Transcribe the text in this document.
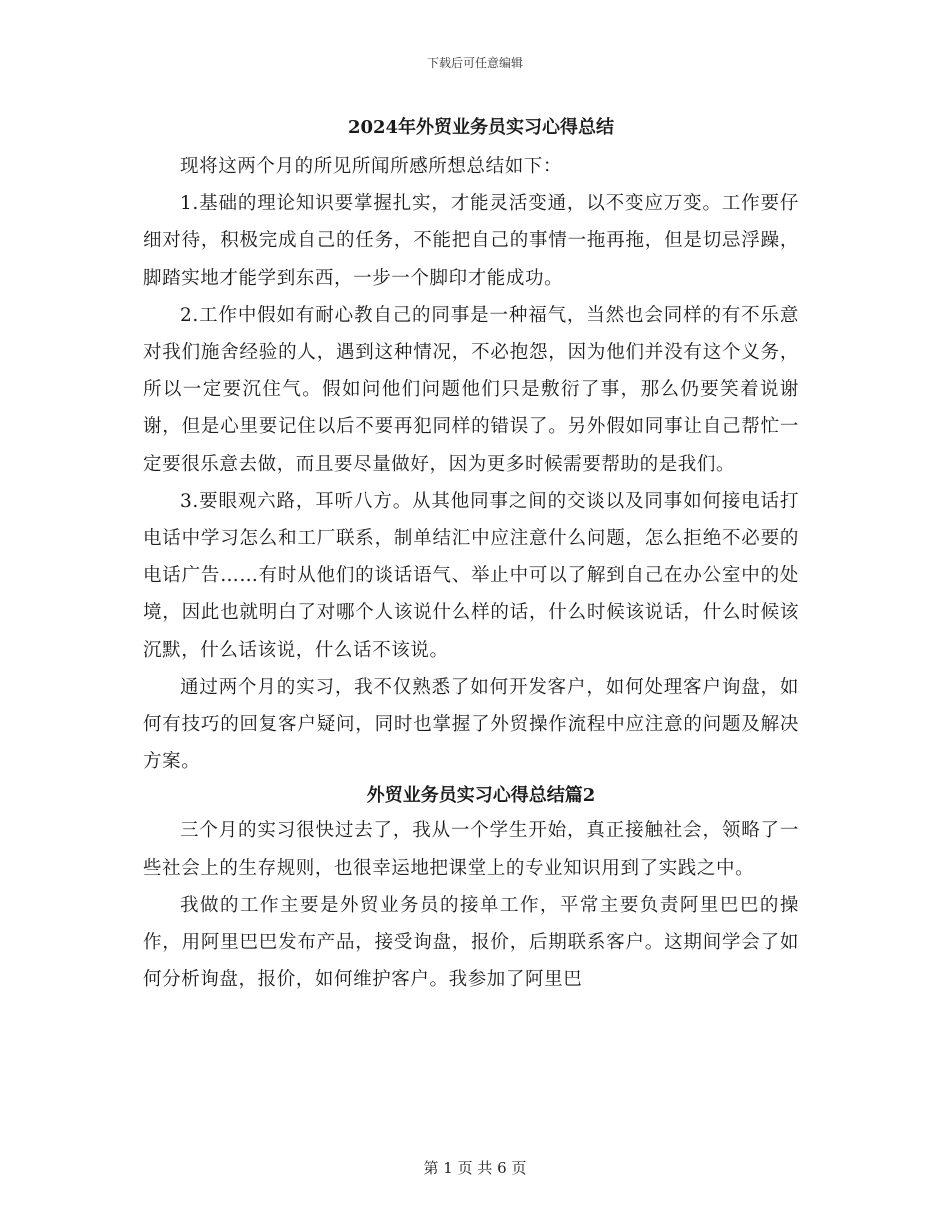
下载后可任意编辑
2024年外贸业务员实习心得总结

现将这两个月的所见所闻所感所想总结如下：

1.基础的理论知识要掌握扎实，才能灵活变通，以不变应万变。工作要仔细对待，积极完成自己的任务，不能把自己的事情一拖再拖，但是切忌浮躁，脚踏实地才能学到东西，一步一个脚印才能成功。

2.工作中假如有耐心教自己的同事是一种福气，当然也会同样的有不乐意对我们施舍经验的人，遇到这种情况，不必抱怨，因为他们并没有这个义务，所以一定要沉住气。假如问他们问题他们只是敷衍了事，那么仍要笑着说谢谢，但是心里要记住以后不要再犯同样的错误了。另外假如同事让自己帮忙一定要很乐意去做，而且要尽量做好，因为更多时候需要帮助的是我们。

3.要眼观六路，耳听八方。从其他同事之间的交谈以及同事如何接电话打电话中学习怎么和工厂联系，制单结汇中应注意什么问题，怎么拒绝不必要的电话广告……有时从他们的谈话语气、举止中可以了解到自己在办公室中的处境，因此也就明白了对哪个人该说什么样的话，什么时候该说话，什么时候该沉默，什么话该说，什么话不该说。

通过两个月的实习，我不仅熟悉了如何开发客户，如何处理客户询盘，如何有技巧的回复客户疑问，同时也掌握了外贸操作流程中应注意的问题及解决方案。

外贸业务员实习心得总结篇2

三个月的实习很快过去了，我从一个学生开始，真正接触社会，领略了一些社会上的生存规则，也很幸运地把课堂上的专业知识用到了实践之中。

我做的工作主要是外贸业务员的接单工作，平常主要负责阿里巴巴的操作，用阿里巴巴发布产品，接受询盘，报价，后期联系客户。这期间学会了如何分析询盘，报价，如何维护客户。我参加了阿里巴

第 1 页 共 6 页
